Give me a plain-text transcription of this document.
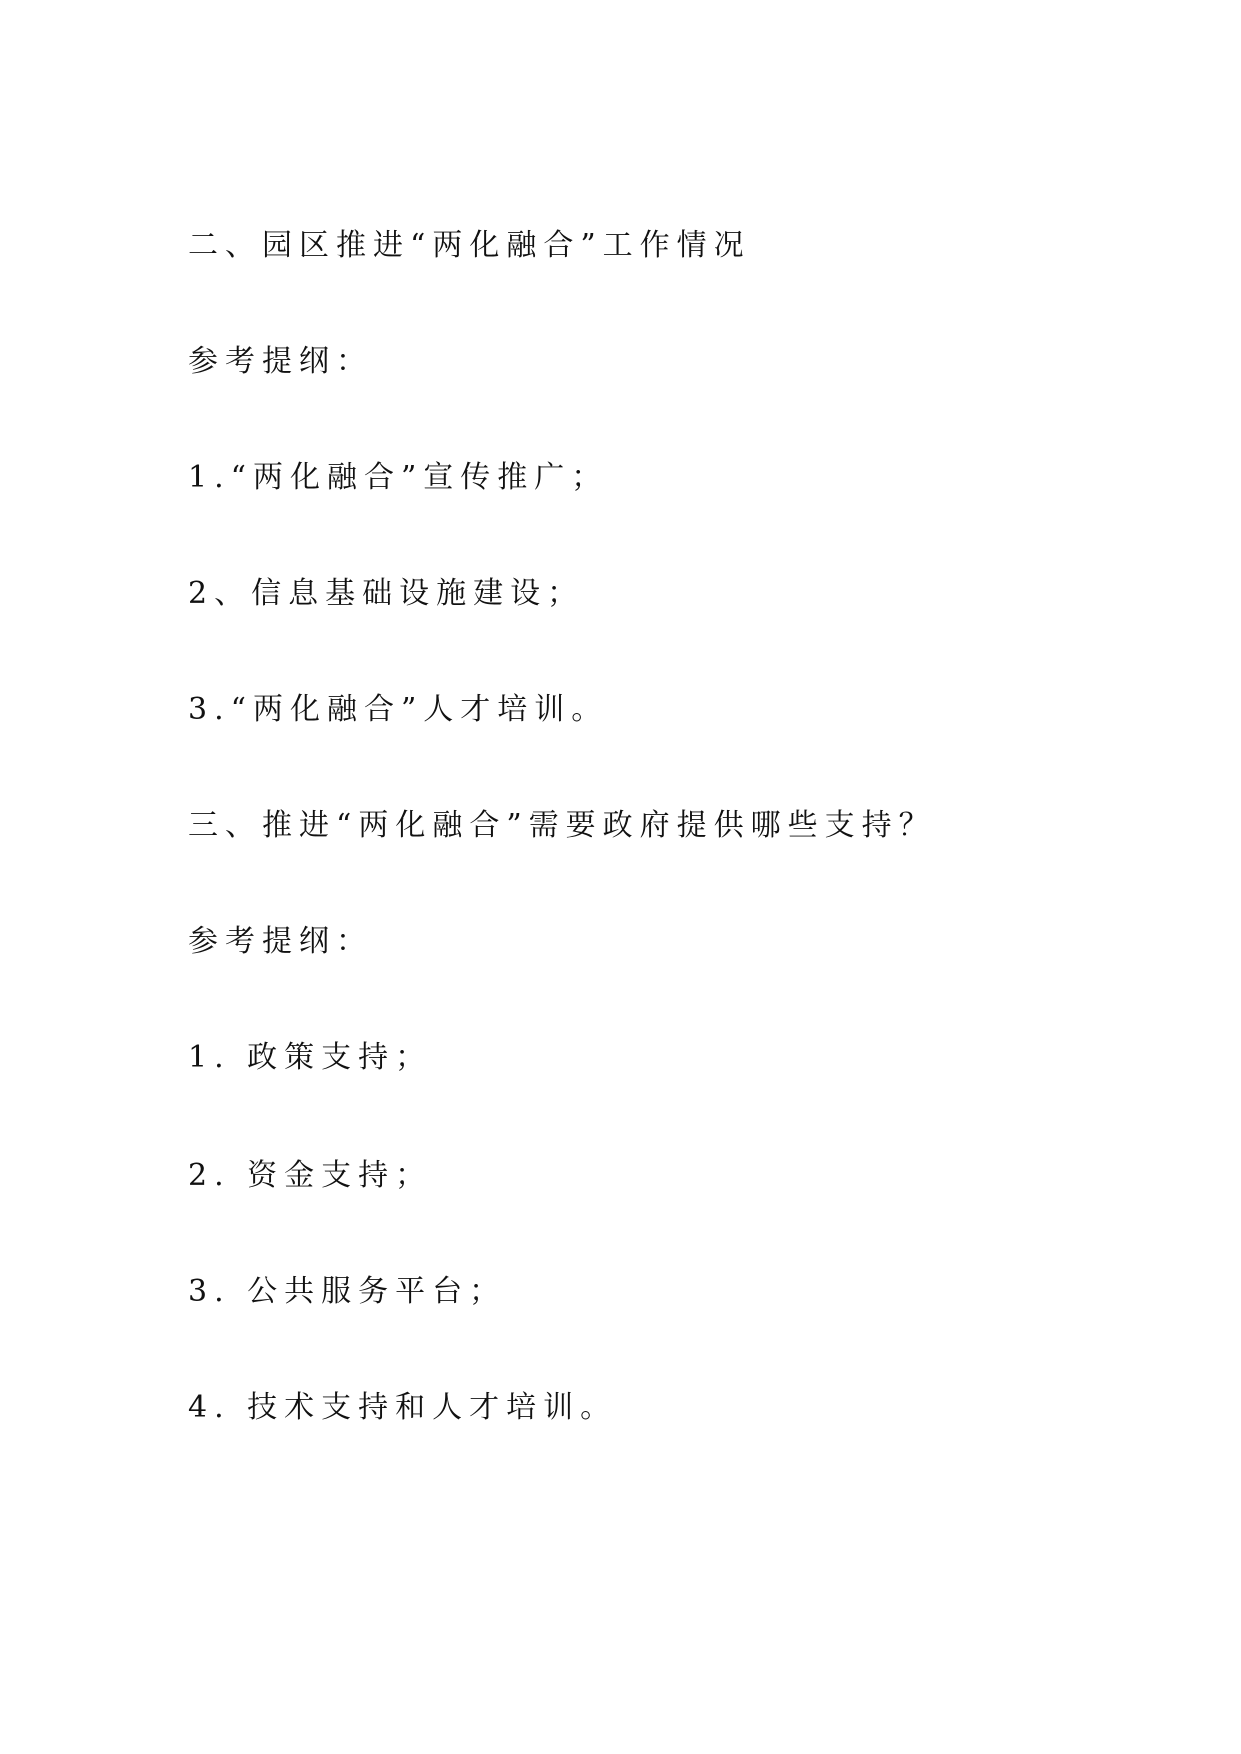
二、园区推进“两化融合”工作情况
参考提纲：
1.“两化融合”宣传推广；
2、信息基础设施建设；
3.“两化融合”人才培训。
三、推进“两化融合”需要政府提供哪些支持？
参考提纲：
1. 政策支持；
2. 资金支持；
3. 公共服务平台；
4. 技术支持和人才培训。
